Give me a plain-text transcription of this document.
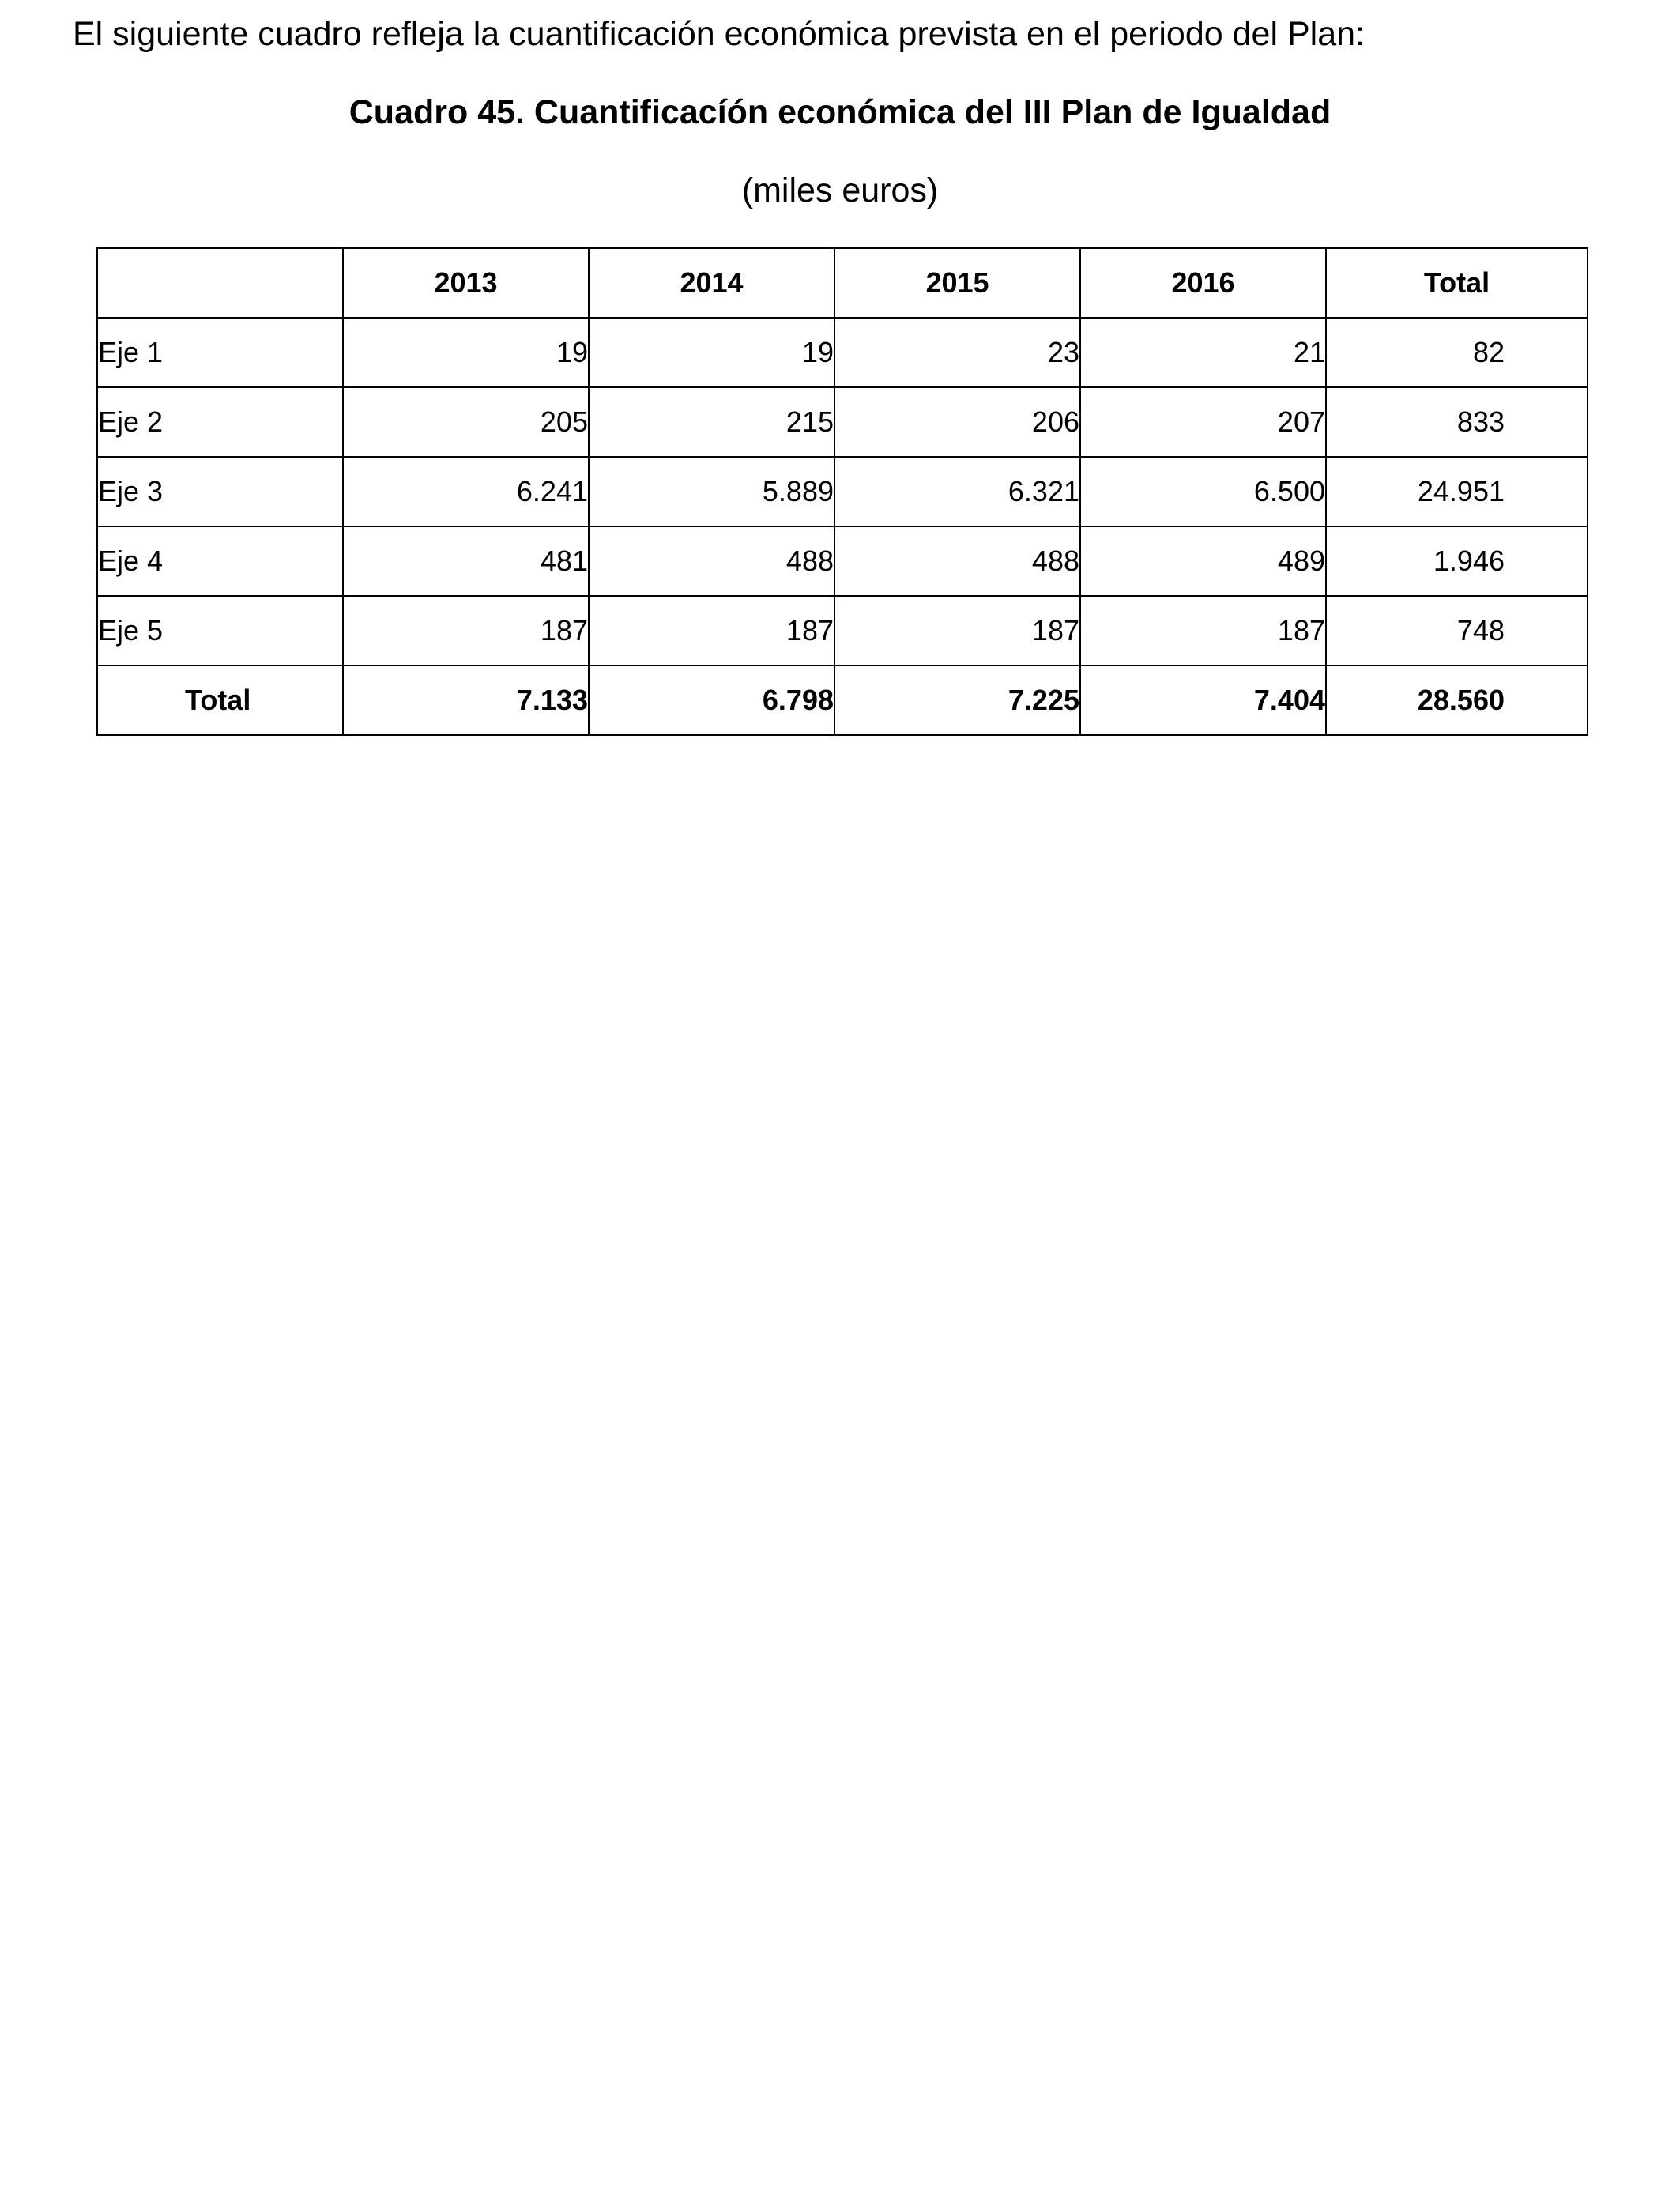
El siguiente cuadro refleja la cuantificación económica prevista en el periodo del Plan:

Cuadro 45. Cuantificacíón económica del III Plan de Igualdad

(miles euros)

	2013	2014	2015	2016	Total
Eje 1	19	19	23	21	82
Eje 2	205	215	206	207	833
Eje 3	6.241	5.889	6.321	6.500	24.951
Eje 4	481	488	488	489	1.946
Eje 5	187	187	187	187	748
Total	7.133	6.798	7.225	7.404	28.560
